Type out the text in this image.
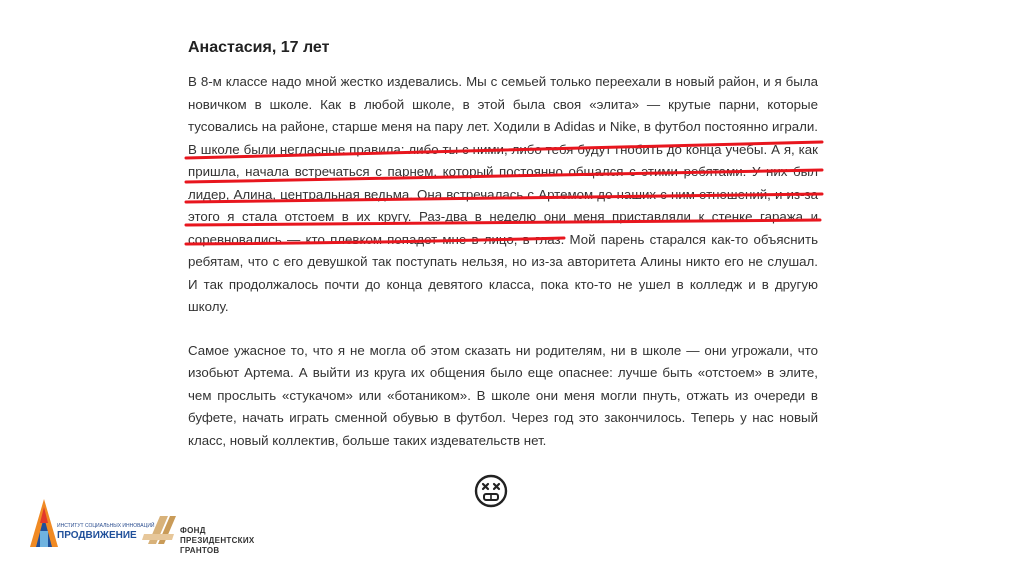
Анастасия, 17 лет
В 8-м классе надо мной жестко издевались. Мы с семьей только переехали в новый район, и я была
новичком в школе. Как в любой школе, в этой была своя «элита» — крутые парни, которые
тусовались на районе, старше меня на пару лет. Ходили в Adidas и Nike, в футбол постоянно играли.
В школе были негласные правила: либо ты с ними, либо тебя будут гнобить до конца учебы. А я, как
пришла, начала встречаться с парнем, который постоянно общался с этими ребятами. У них был
лидер, Алина, центральная ведьма. Она встречалась с Артемом до наших с ним отношений, и из-за
этого я стала отстоем в их кругу. Раз-два в неделю они меня приставляли к стенке гаража и
соревновались — кто плевком попадет мне в лицо, в глаз. Мой парень старался как-то объяснить
ребятам, что с его девушкой так поступать нельзя, но из-за авторитета Алины никто его не слушал.
И так продолжалось почти до конца девятого класса, пока кто-то не ушел в колледж и в другую
школу.
Самое ужасное то, что я не могла об этом сказать ни родителям, ни в школе — они угрожали, что
изобьют Артема. А выйти из круга их общения было еще опаснее: лучше быть «отстоем» в элите,
чем прослыть «стукачом» или «ботаником». В школе они меня могли пнуть, отжать из очереди в
буфете, начать играть сменной обувью в футбол. Через год это закончилось. Теперь у нас новый
класс, новый коллектив, больше таких издевательств нет.
ИНСТИТУТ СОЦИАЛЬНЫХ ИННОВАЦИЙ
ПРОДВИЖЕНИЕ	ФОНД
ПРЕЗИДЕНТСКИХ
ГРАНТОВ
